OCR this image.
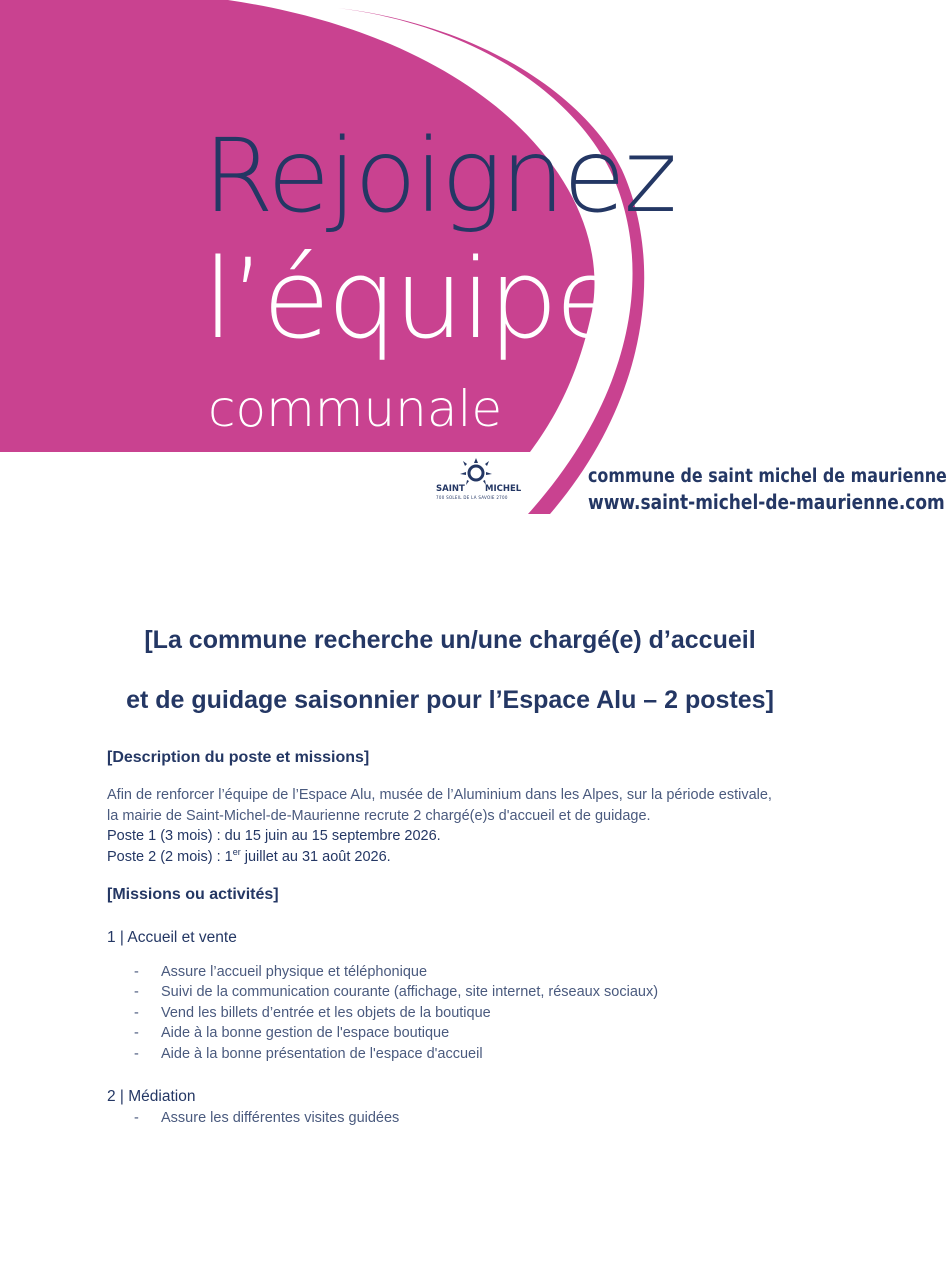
Rejoignez
l’équipe
communale
SAINT MICHEL
700 SOLEIL DE LA SAVOIE 2700

commune de saint michel de maurienne

www.saint-michel-de-maurienne.com

[La commune recherche un/une chargé(e) d’accueil
et de guidage saisonnier pour l’Espace Alu – 2 postes]
[Description du poste et missions]

Afin de renforcer l’équipe de l’Espace Alu, musée de l’Aluminium dans les Alpes, sur la période estivale,

la mairie de Saint-Michel-de-Maurienne recrute 2 chargé(e)s d'accueil et de guidage.

Poste 1 (3 mois) : du 15 juin au 15 septembre 2026.

Poste 2 (2 mois) : 1er juillet au 31 août 2026.

[Missions ou activités]

1 | Accueil et vente

- Assure l’accueil physique et téléphonique
- Suivi de la communication courante (affichage, site internet, réseaux sociaux)
- Vend les billets d’entrée et les objets de la boutique
- Aide à la bonne gestion de l'espace boutique
- Aide à la bonne présentation de l'espace d'accueil

2 | Médiation

- Assure les différentes visites guidées
